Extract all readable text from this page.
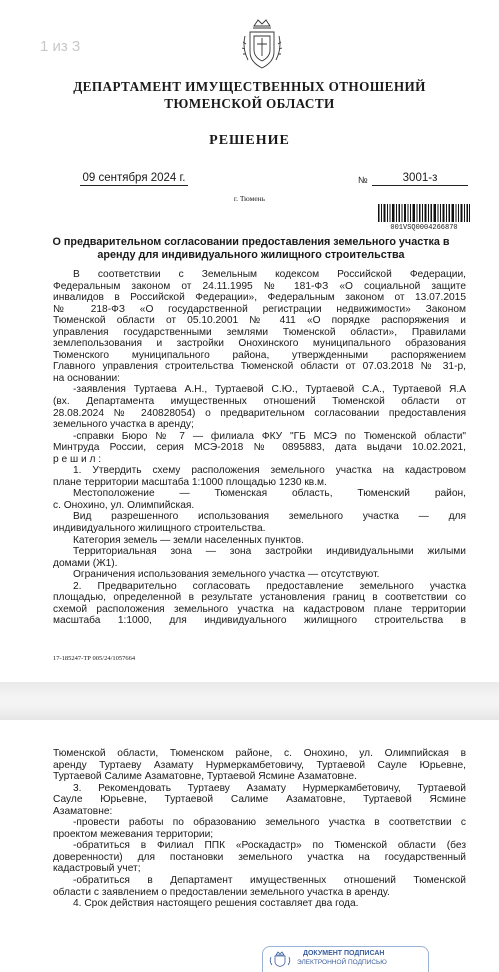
1 из 3
ДЕПАРТАМЕНТ ИМУЩЕСТВЕННЫХ ОТНОШЕНИЙ
ТЮМЕНСКОЙ ОБЛАСТИ
РЕШЕНИЕ
09 сентября 2024 г.	№	3001-з
г. Тюмень
001VSQ0004266870
О предварительном согласовании предоставления земельного участка в
аренду для индивидуального жилищного строительства

В соответствии с Земельным кодексом Российской Федерации,

Федеральным законом от 24.11.1995 № 181-ФЗ «О социальной защите

инвалидов в Российской Федерации», Федеральным законом от 13.07.2015

№ 218-ФЗ «О государственной регистрации недвижимости» Законом

Тюменской области от 05.10.2001 № 411 «О порядке распоряжения и

управления государственными землями Тюменской области», Правилами

землепользования и застройки Онохинского муниципального образования

Тюменского муниципального района, утвержденными распоряжением

Главного управления строительства Тюменской области от 07.03.2018 № 31-р,

на основании:

-заявления Туртаева А.Н., Туртаевой С.Ю., Туртаевой С.А., Туртаевой Я.А

(вх. Департамента имущественных отношений Тюменской области от

28.08.2024 № 240828054) о предварительном согласовании предоставления

земельного участка в аренду;

-справки Бюро № 7 — филиала ФКУ "ГБ МСЭ по Тюменской области"

Минтруда России, серия МСЭ-2018 № 0895883, дата выдачи 10.02.2021,

р е ш и л :

1. Утвердить схему расположения земельного участка на кадастровом

плане территории масштаба 1:1000 площадью 1230 кв.м.

Местоположение — Тюменская область, Тюменский район,

с. Онохино, ул. Олимпийская.

Вид разрешенного использования земельного участка — для

индивидуального жилищного строительства.

Категория земель — земли населенных пунктов.

Территориальная зона — зона застройки индивидуальными жилыми

домами (Ж1).

Ограничения использования земельного участка — отсутствуют.

2. Предварительно согласовать предоставление земельного участка

площадью, определенной в результате установления границ в соответствии со

схемой расположения земельного участка на кадастровом плане территории

масштаба 1:1000, для индивидуального жилищного строительства в

17-185247-ТР 005/24/1057664

Тюменской области, Тюменском районе, с. Онохино, ул. Олимпийская в

аренду Туртаеву Азамату Нурмеркамбетовичу, Туртаевой Сауле Юрьевне,

Туртаевой Салиме Азаматовне, Туртаевой Ясмине Азаматовне.

3. Рекомендовать Туртаеву Азамату Нурмеркамбетовичу, Туртаевой

Сауле Юрьевне, Туртаевой Салиме Азаматовне, Туртаевой Ясмине

Азаматовне:

-провести работы по образованию земельного участка в соответствии с

проектом межевания территории;

-обратиться в Филиал ППК «Роскадастр» по Тюменской области (без

доверенности) для постановки земельного участка на государственный

кадастровый учет;

-обратиться в Департамент имущественных отношений Тюменской

области с заявлением о предоставлении земельного участка в аренду.

4. Срок действия настоящего решения составляет два года.

ДОКУМЕНТ ПОДПИСАН
ЭЛЕКТРОННОЙ ПОДПИСЬЮ
